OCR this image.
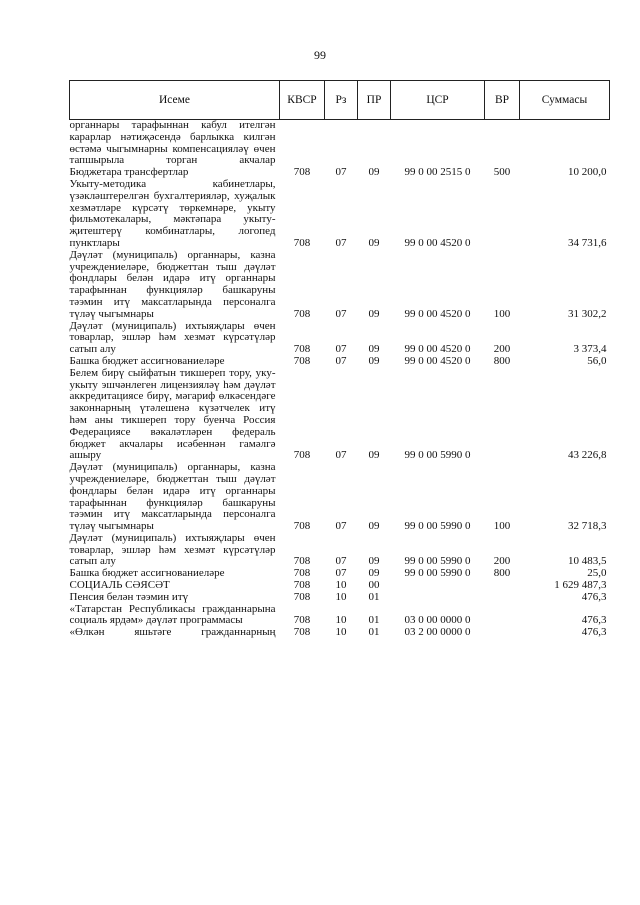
99
Исеме	КВСР	Рз	ПР	ЦСР	ВР	Суммасы
органнары тарафыннан кабул ителгән карарлар нәтиҗәсендә барлыкка килгән өстәмә чыгымнарны компенсацияләү өчен тапшырыла торган акчалар						
Бюджетара трансфертлар	708	07	09	99 0 00 2515 0	500	10 200,0
Укыту-методика кабинетлары, үзәкләштерелгән бухгалтерияләр, хуҗалык хезмәтләре күрсәтү төркемнәре, укыту фильмотекалары, мәктәпара укыту-җитештерү комбинатлары, логопед пунктлары	708	07	09	99 0 00 4520 0		34 731,6
Дәүләт (муниципаль) органнары, казна учреждениеләре, бюджеттан тыш дәүләт фондлары белән идарә итү органнары тарафыннан функцияләр башкаруны тәэмин итү максатларында персоналга түләү чыгымнары	708	07	09	99 0 00 4520 0	100	31 302,2
Дәүләт (муниципаль) ихтыяҗлары өчен товарлар, эшләр һәм хезмәт күрсәтүләр сатып алу	708	07	09	99 0 00 4520 0	200	3 373,4
Башка бюджет ассигнованиеләре	708	07	09	99 0 00 4520 0	800	56,0
Белем бирү сыйфатын тикшереп тору, уку-укыту эшчәнлеген лицензияләү һәм дәүләт аккредитациясе бирү, мәгариф өлкәсендәге законнарның үтәлешенә күзәтчелек итү һәм аны тикшереп тору буенча Россия Федерациясе вәкаләтләрен федераль бюджет акчалары исәбеннән гамәлгә ашыру	708	07	09	99 0 00 5990 0		43 226,8
Дәүләт (муниципаль) органнары, казна учреждениеләре, бюджеттан тыш дәүләт фондлары белән идарә итү органнары тарафыннан функцияләр башкаруны тәэмин итү максатларында персоналга түләү чыгымнары	708	07	09	99 0 00 5990 0	100	32 718,3
Дәүләт (муниципаль) ихтыяҗлары өчен товарлар, эшләр һәм хезмәт күрсәтүләр сатып алу	708	07	09	99 0 00 5990 0	200	10 483,5
Башка бюджет ассигнованиеләре	708	07	09	99 0 00 5990 0	800	25,0
СОЦИАЛЬ СӘЯСӘТ	708	10	00			1 629 487,3
Пенсия белән тәэмин итү	708	10	01			476,3
«Татарстан Республикасы гражданнарына социаль ярдәм» дәүләт программасы	708	10	01	03 0 00 0000 0		476,3
«Өлкән яшьтәге гражданнарның	708	10	01	03 2 00 0000 0		476,3
